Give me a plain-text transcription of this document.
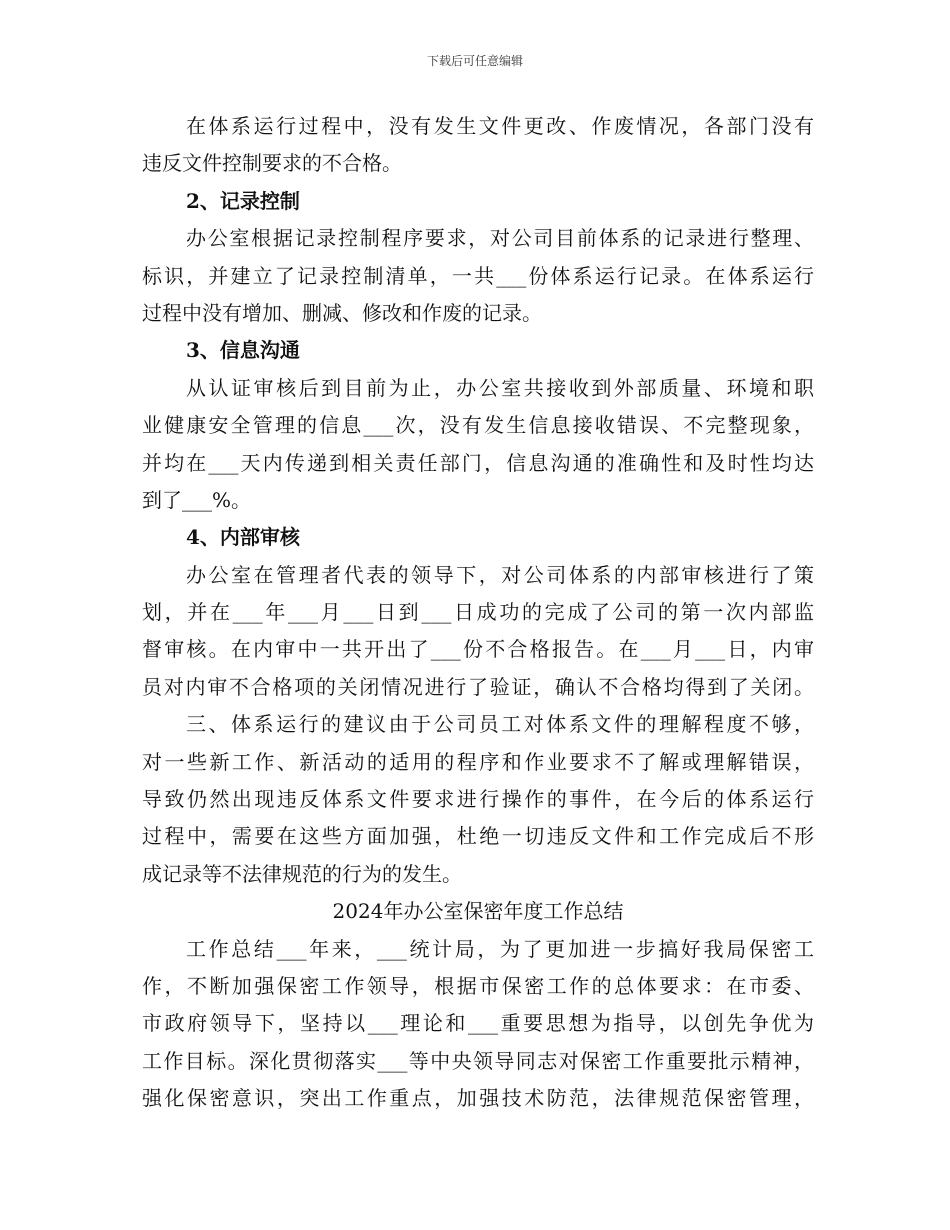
下载后可任意编辑
在体系运行过程中，没有发生文件更改、作废情况，各部门没有
违反文件控制要求的不合格。
2、记录控制
办公室根据记录控制程序要求，对公司目前体系的记录进行整理、
标识，并建立了记录控制清单，一共___份体系运行记录。在体系运行
过程中没有增加、删减、修改和作废的记录。
3、信息沟通
从认证审核后到目前为止，办公室共接收到外部质量、环境和职
业健康安全管理的信息___次，没有发生信息接收错误、不完整现象，
并均在___天内传递到相关责任部门，信息沟通的准确性和及时性均达
到了___%。
4、内部审核
办公室在管理者代表的领导下，对公司体系的内部审核进行了策
划，并在___年___月___日到___日成功的完成了公司的第一次内部监
督审核。在内审中一共开出了___份不合格报告。在___月___日，内审
员对内审不合格项的关闭情况进行了验证，确认不合格均得到了关闭。
三、体系运行的建议由于公司员工对体系文件的理解程度不够，
对一些新工作、新活动的适用的程序和作业要求不了解或理解错误，
导致仍然出现违反体系文件要求进行操作的事件，在今后的体系运行
过程中，需要在这些方面加强，杜绝一切违反文件和工作完成后不形
成记录等不法律规范的行为的发生。
2024年办公室保密年度工作总结
工作总结___年来，___统计局，为了更加进一步搞好我局保密工
作，不断加强保密工作领导，根据市保密工作的总体要求：在市委、
市政府领导下，坚持以___理论和___重要思想为指导，以创先争优为
工作目标。深化贯彻落实___等中央领导同志对保密工作重要批示精神，
强化保密意识，突出工作重点，加强技术防范，法律规范保密管理，
